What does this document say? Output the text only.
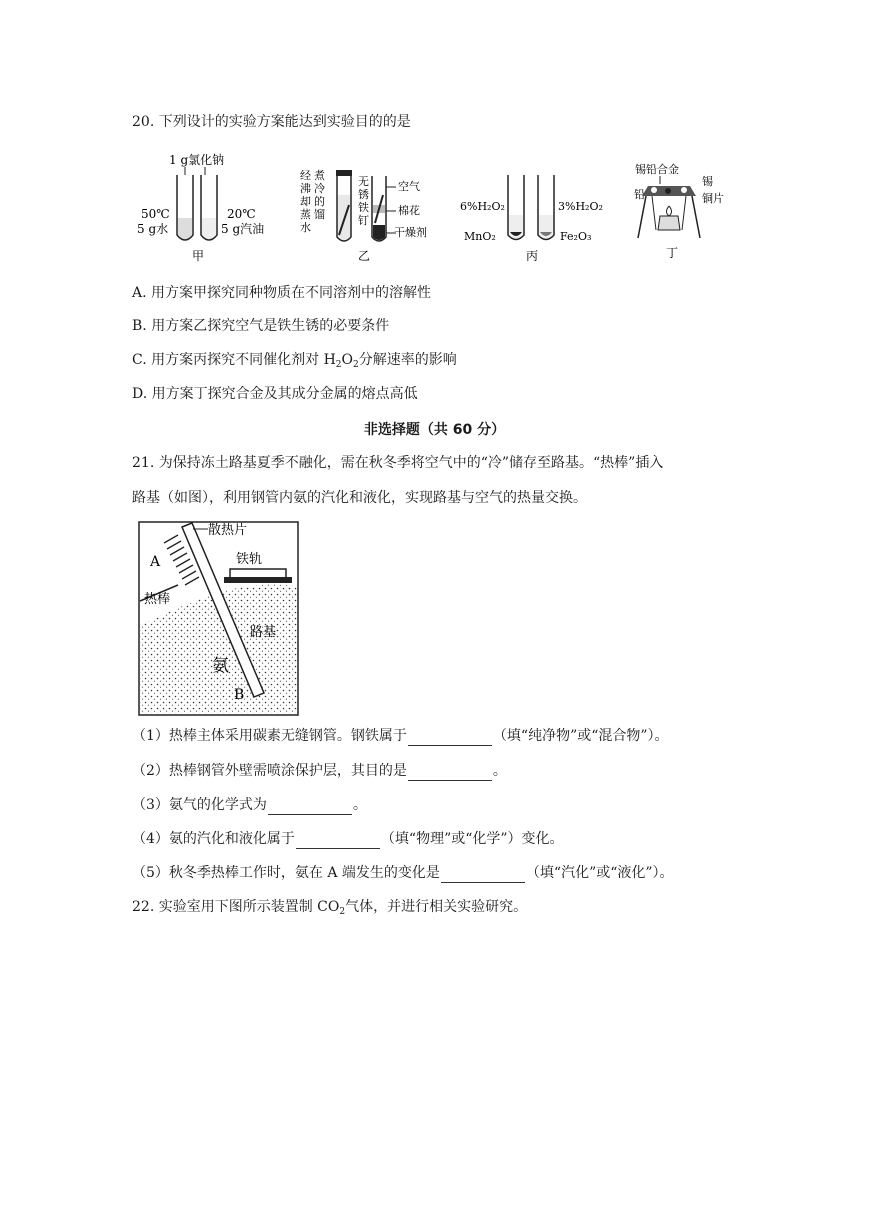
20. 下列设计的实验方案能达到实验目的的是
1 g氯化钠
50℃
5 g水
20℃
5 g汽油
甲
经 煮
沸 冷
却 的
蒸 馏
水
无
锈
铁
钉
空气
棉花
干燥剂
乙
6%H₂O₂	3%H₂O₂
MnO₂	Fe₂O₃
丙
锡铅合金
锡
铅	铜片
丁
A. 用方案甲探究同种物质在不同溶剂中的溶解性
B. 用方案乙探究空气是铁生锈的必要条件
C. 用方案丙探究不同催化剂对 $H_2O_2$分解速率的影响
D. 用方案丁探究合金及其成分金属的熔点高低
非选择题（共 60 分）
21. 为保持冻土路基夏季不融化，需在秋冬季将空气中的“冷”储存至路基。“热棒”插入
路基（如图），利用钢管内氨的汽化和液化，实现路基与空气的热量交换。
散热片
A	铁轨
热棒
路基
氨
B
（1）热棒主体采用碳素无缝钢管。钢铁属于	（填“纯净物”或“混合物”）。
（2）热棒钢管外壁需喷涂保护层，其目的是	。
（3）氨气的化学式为	。
（4）氨的汽化和液化属于	（填“物理”或“化学”）变化。
（5）秋冬季热棒工作时，氨在 A 端发生的变化是	（填“汽化”或“液化”）。
22. 实验室用下图所示装置制 $CO_2$气体，并进行相关实验研究。
